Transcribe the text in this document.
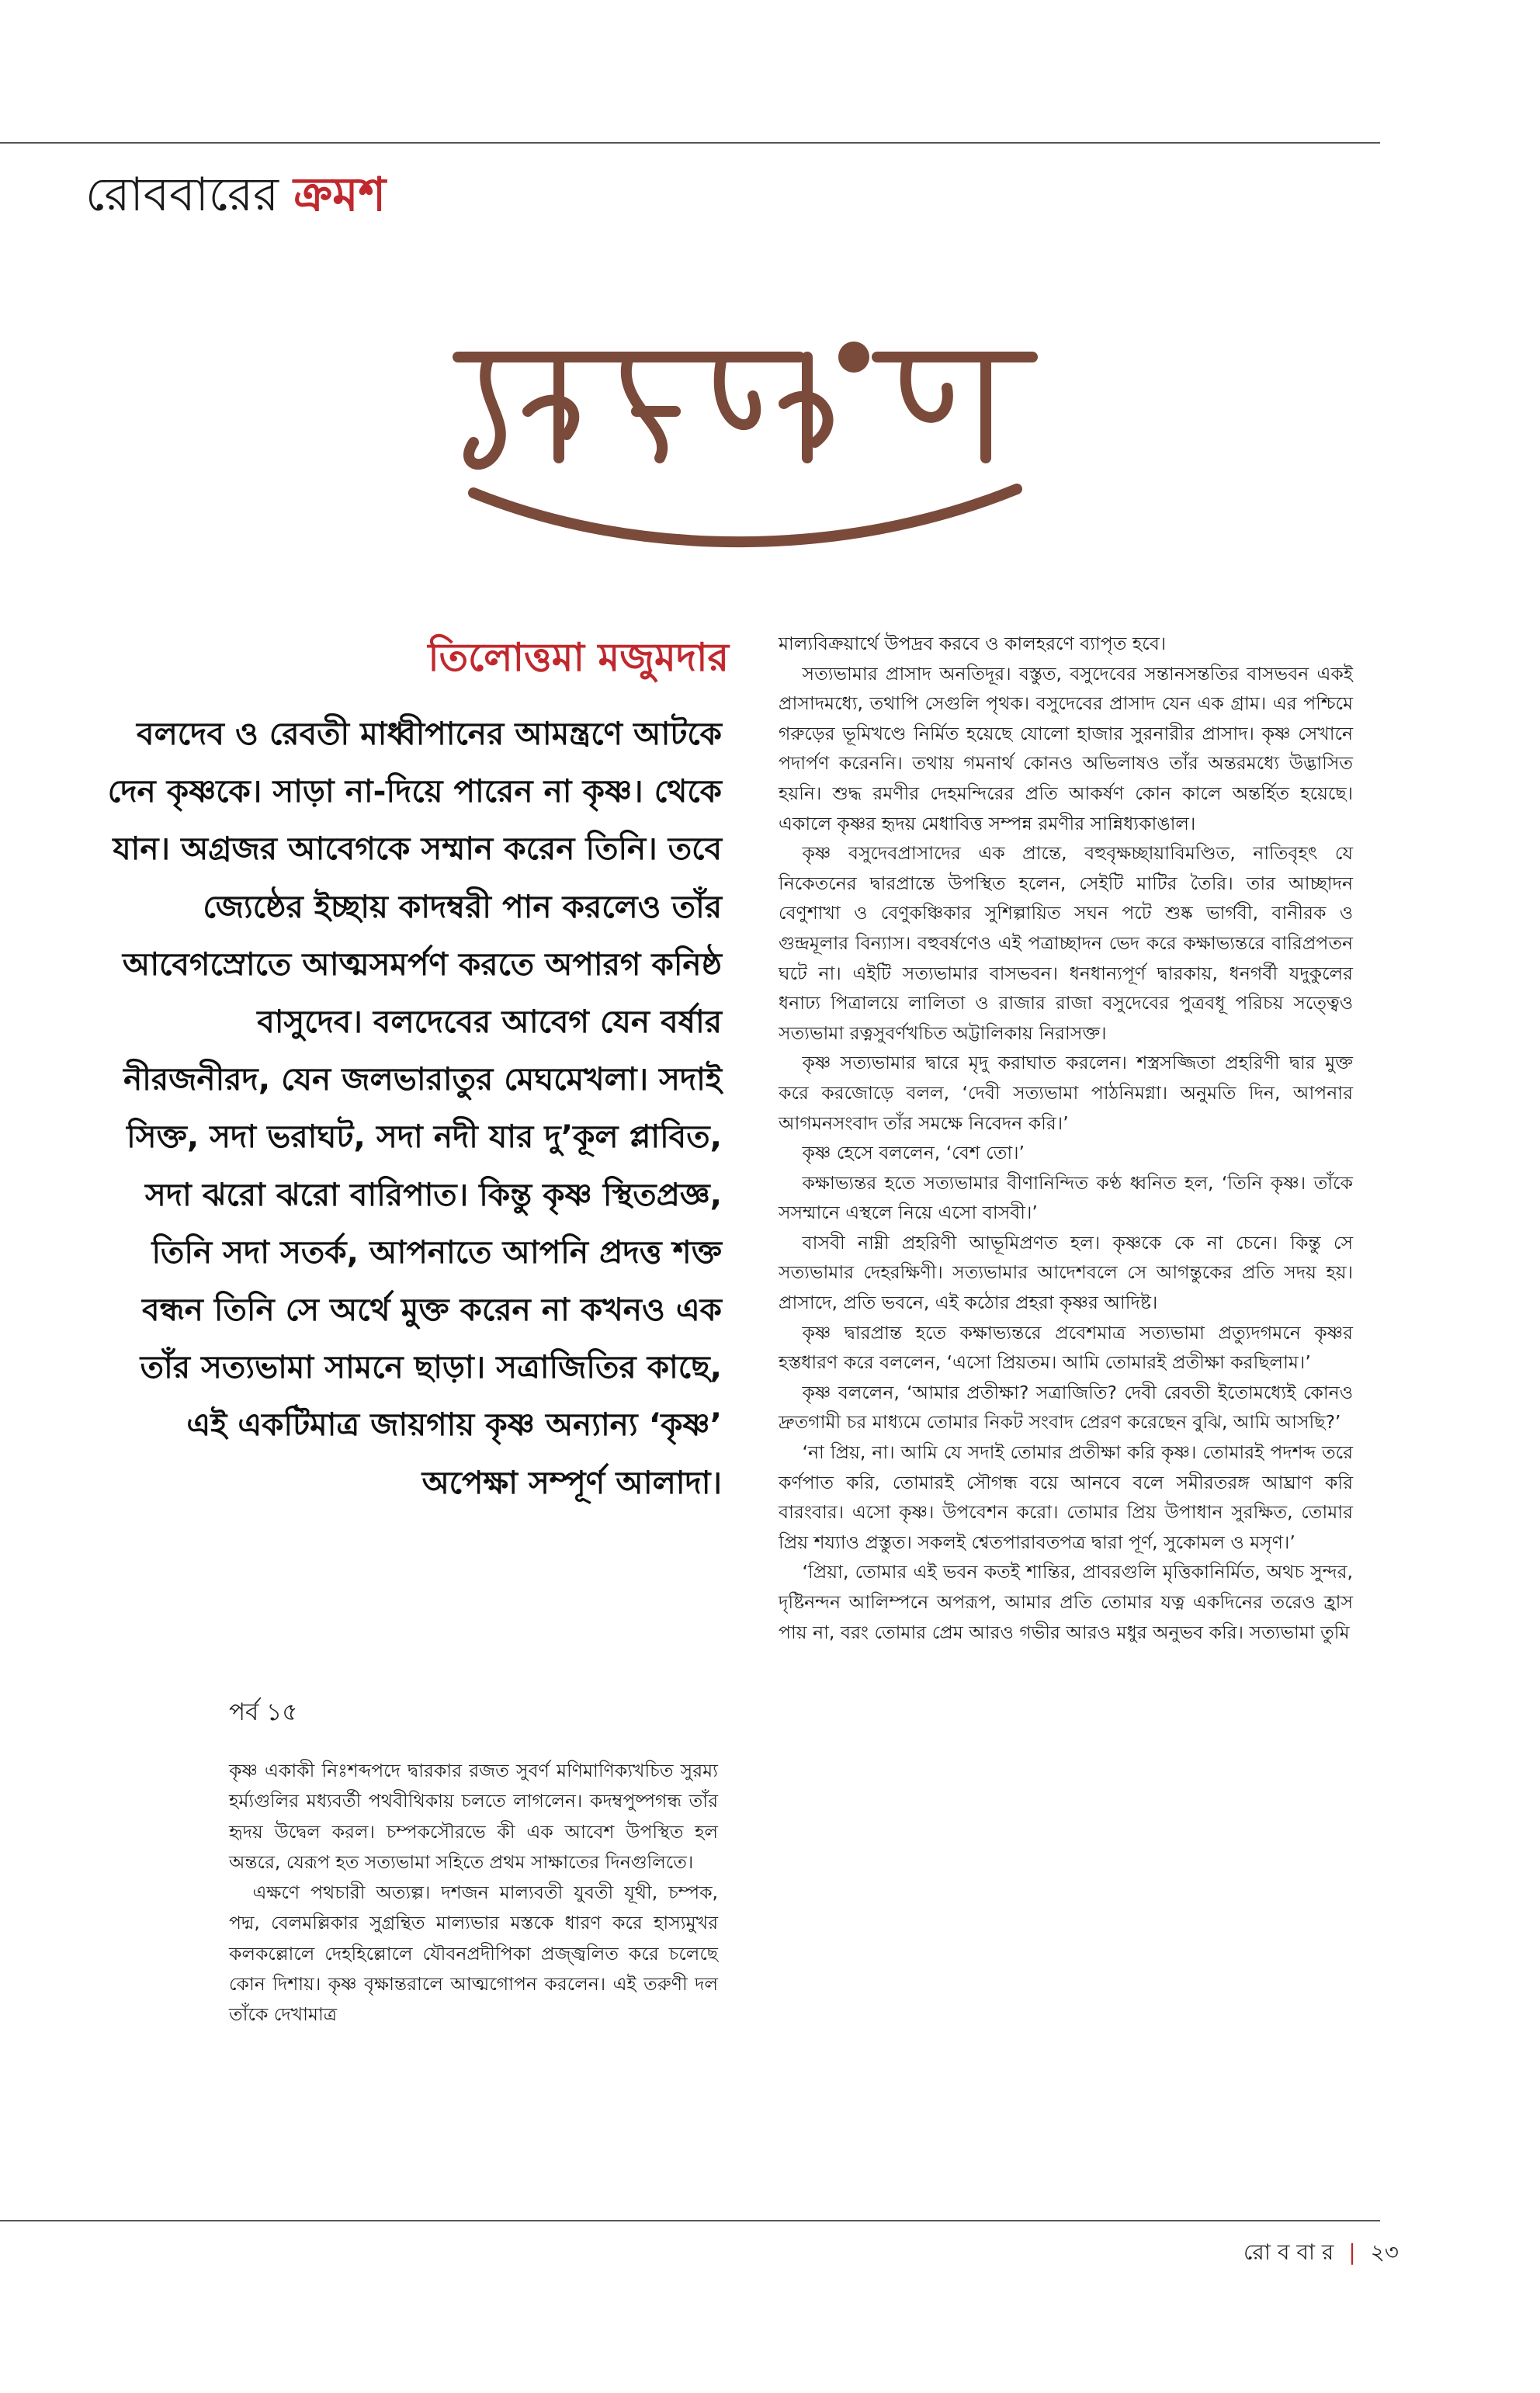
রোববারের ক্রমশ
তিলোত্তমা মজুমদার
বলদেব ও রেবতী মাধ্বীপানের আমন্ত্রণে আটকে দেন কৃষ্ণকে। সাড়া না-দিয়ে পারেন না কৃষ্ণ। থেকে যান। অগ্রজর আবেগকে সম্মান করেন তিনি। তবে জ্যেষ্ঠের ইচ্ছায় কাদম্বরী পান করলেও তাঁর আবেগস্রোতে আত্মসমর্পণ করতে অপারগ কনিষ্ঠ বাসুদেব। বলদেবের আবেগ যেন বর্ষার নীরজনীরদ, যেন জলভারাতুর মেঘমেখলা। সদাই সিক্ত, সদা ভরাঘট, সদা নদী যার দু’কূল প্লাবিত, সদা ঝরো ঝরো বারিপাত। কিন্তু কৃষ্ণ স্থিতপ্রজ্ঞ, তিনি সদা সতর্ক, আপনাতে আপনি প্রদত্ত শক্ত বন্ধন তিনি সে অর্থে মুক্ত করেন না কখনও এক তাঁর সত্যভামা সামনে ছাড়া। সত্রাজিতির কাছে, এই একটিমাত্র জায়গায় কৃষ্ণ অন্যান্য ‘কৃষ্ণ’ অপেক্ষা সম্পূর্ণ আলাদা।
পর্ব ১৫

কৃষ্ণ একাকী নিঃশব্দপদে দ্বারকার রজত সুবর্ণ মণিমাণিক্যখচিত সুরম্য হর্ম্যগুলির মধ্যবর্তী পথবীথিকায় চলতে লাগলেন। কদম্বপুষ্পগন্ধ তাঁর হৃদয় উদ্বেল করল। চম্পকসৌরভে কী এক আবেশ উপস্থিত হল অন্তরে, যেরূপ হত সত্যভামা সহিতে প্রথম সাক্ষাতের দিনগুলিতে।

এক্ষণে পথচারী অত্যল্প। দশজন মাল্যবতী যুবতী যূথী, চম্পক, পদ্ম, বেলমল্লিকার সুগ্রন্থিত মাল্যভার মস্তকে ধারণ করে হাস্যমুখর কলকল্লোলে দেহহিল্লোলে যৌবনপ্রদীপিকা প্রজ্জ্বলিত করে চলেছে কোন দিশায়। কৃষ্ণ বৃক্ষান্তরালে আত্মগোপন করলেন। এই তরুণী দল তাঁকে দেখামাত্র

মাল্যবিক্রয়ার্থে উপদ্রব করবে ও কালহরণে ব্যাপৃত হবে।

সত্যভামার প্রাসাদ অনতিদূর। বস্তুত, বসুদেবের সন্তানসন্ততির বাসভবন একই প্রাসাদমধ্যে, তথাপি সেগুলি পৃথক। বসুদেবের প্রাসাদ যেন এক গ্রাম। এর পশ্চিমে গরুড়ের ভূমিখণ্ডে নির্মিত হয়েছে যোলো হাজার সুরনারীর প্রাসাদ। কৃষ্ণ সেখানে পদার্পণ করেননি। তথায় গমনার্থ কোনও অভিলাষও তাঁর অন্তরমধ্যে উদ্ভাসিত হয়নি। শুদ্ধ রমণীর দেহমন্দিরের প্রতি আকর্ষণ কোন কালে অন্তর্হিত হয়েছে। একালে কৃষ্ণর হৃদয় মেধাবিত্ত সম্পন্ন রমণীর সান্নিধ্যকাঙাল।

কৃষ্ণ বসুদেবপ্রাসাদের এক প্রান্তে, বহুবৃক্ষচ্ছায়াবিমণ্ডিত, নাতিবৃহৎ যে নিকেতনের দ্বারপ্রান্তে উপস্থিত হলেন, সেইটি মাটির তৈরি। তার আচ্ছাদন বেণুশাখা ও বেণুকঞ্চিকার সুশিল্পায়িত সঘন পটে শুষ্ক ভার্গবী, বানীরক ও গুন্দ্রমূলার বিন্যাস। বহুবর্ষণেও এই পত্রাচ্ছাদন ভেদ করে কক্ষাভ্যন্তরে বারিপ্রপতন ঘটে না। এইটি সত্যভামার বাসভবন। ধনধান্যপূর্ণ দ্বারকায়, ধনগর্বী যদুকুলের ধনাঢ্য পিত্রালয়ে লালিতা ও রাজার রাজা বসুদেবের পুত্রবধূ পরিচয় সত্ত্বেও সত্যভামা রত্নসুবর্ণখচিত অট্টালিকায় নিরাসক্ত।

কৃষ্ণ সত্যভামার দ্বারে মৃদু করাঘাত করলেন। শস্ত্রসজ্জিতা প্রহরিণী দ্বার মুক্ত করে করজোড়ে বলল, ‘দেবী সত্যভামা পাঠনিমগ্না। অনুমতি দিন, আপনার আগমনসংবাদ তাঁর সমক্ষে নিবেদন করি।’

কৃষ্ণ হেসে বললেন, ‘বেশ তো।’

কক্ষাভ্যন্তর হতে সত্যভামার বীণানিন্দিত কণ্ঠ ধ্বনিত হল, ‘তিনি কৃষ্ণ। তাঁকে সসম্মানে এস্থলে নিয়ে এসো বাসবী।’

বাসবী নাম্নী প্রহরিণী আভূমিপ্রণত হল। কৃষ্ণকে কে না চেনে। কিন্তু সে সত্যভামার দেহরক্ষিণী। সত্যভামার আদেশবলে সে আগন্তুকের প্রতি সদয় হয়। প্রাসাদে, প্রতি ভবনে, এই কঠোর প্রহরা কৃষ্ণর আদিষ্ট।

কৃষ্ণ দ্বারপ্রান্ত হতে কক্ষাভ্যন্তরে প্রবেশমাত্র সত্যভামা প্রত্যুদগমনে কৃষ্ণর হস্তধারণ করে বললেন, ‘এসো প্রিয়তম। আমি তোমারই প্রতীক্ষা করছিলাম।’

কৃষ্ণ বললেন, ‘আমার প্রতীক্ষা? সত্রাজিতি? দেবী রেবতী ইতোমধ্যেই কোনও দ্রুতগামী চর মাধ্যমে তোমার নিকট সংবাদ প্রেরণ করেছেন বুঝি, আমি আসছি?’

‘না প্রিয়, না। আমি যে সদাই তোমার প্রতীক্ষা করি কৃষ্ণ। তোমারই পদশব্দ তরে কর্ণপাত করি, তোমারই সৌগন্ধ বয়ে আনবে বলে সমীরতরঙ্গ আঘ্রাণ করি বারংবার। এসো কৃষ্ণ। উপবেশন করো। তোমার প্রিয় উপাধান সুরক্ষিত, তোমার প্রিয় শয্যাও প্রস্তুত। সকলই শ্বেতপারাবতপত্র দ্বারা পূর্ণ, সুকোমল ও মসৃণ।’

‘প্রিয়া, তোমার এই ভবন কতই শান্তির, প্রাবরগুলি মৃত্তিকানির্মিত, অথচ সুন্দর, দৃষ্টিনন্দন আলিম্পনে অপরূপ, আমার প্রতি তোমার যত্ন একদিনের তরেও হ্রাস পায় না, বরং তোমার প্রেম আরও গভীর আরও মধুর অনুভব করি। সত্যভামা তুমি

রো ব বা র | ২৩
